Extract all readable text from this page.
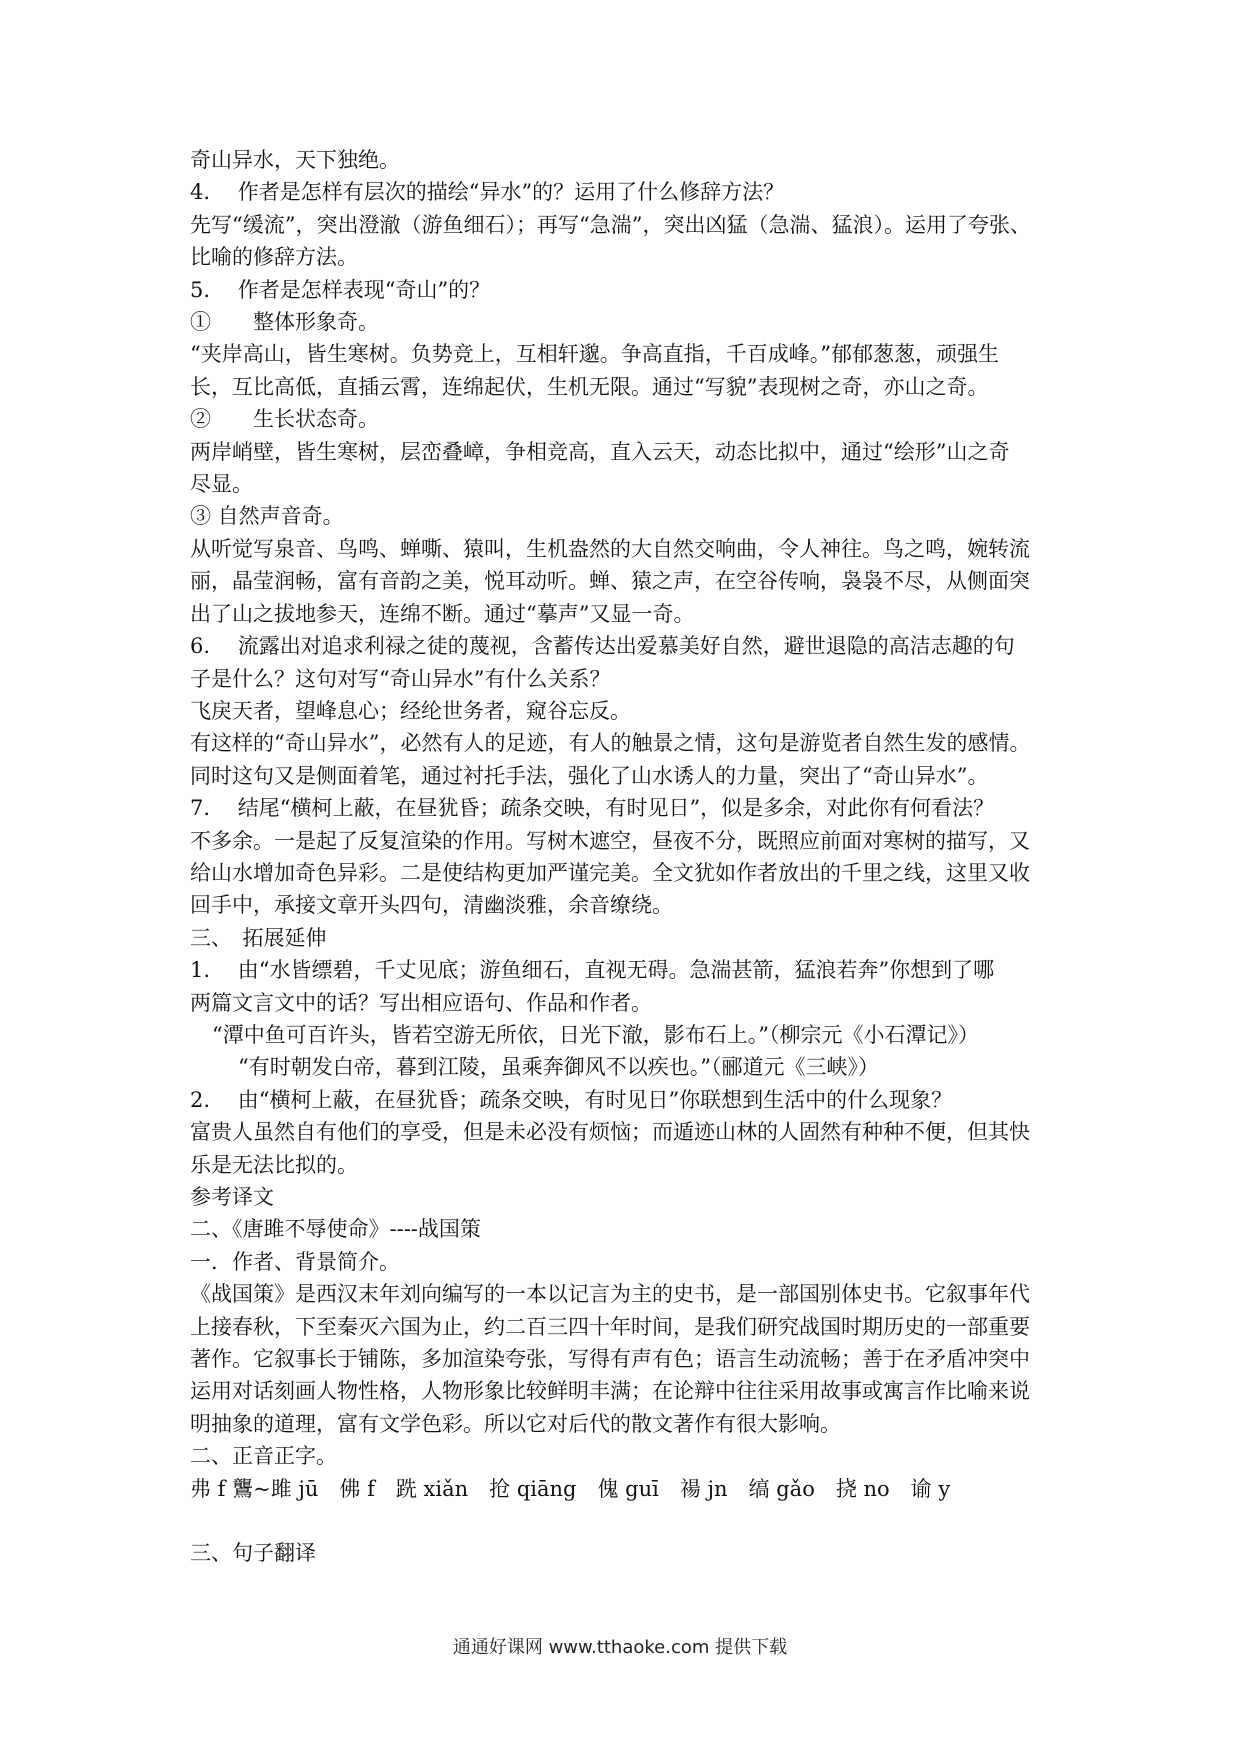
奇山异水，天下独绝。

4.　 作者是怎样有层次的描绘“异水”的？运用了什么修辞方法？

先写“缓流”，突出澄澈（游鱼细石）；再写“急湍”，突出凶猛（急湍、猛浪）。运用了夸张、

比喻的修辞方法。

5.　 作者是怎样表现“奇山”的？

①　　整体形象奇。

“夹岸高山，皆生寒树。负势竞上，互相轩邈。争高直指，千百成峰。”郁郁葱葱，顽强生

长，互比高低，直插云霄，连绵起伏，生机无限。通过“写貌”表现树之奇，亦山之奇。

②　　生长状态奇。

两岸峭壁，皆生寒树，层峦叠嶂，争相竞高，直入云天，动态比拟中，通过“绘形”山之奇

尽显。

③ 自然声音奇。

从听觉写泉音、鸟鸣、蝉嘶、猿叫，生机盎然的大自然交响曲，令人神往。鸟之鸣，婉转流

丽，晶莹润畅，富有音韵之美，悦耳动听。蝉、猿之声，在空谷传响，袅袅不尽，从侧面突

出了山之拔地参天，连绵不断。通过“摹声”又显一奇。

6.　 流露出对追求利禄之徒的蔑视，含蓄传达出爱慕美好自然，避世退隐的高洁志趣的句

子是什么？这句对写“奇山异水”有什么关系？

飞戾天者，望峰息心；经纶世务者，窥谷忘反。

有这样的“奇山异水”，必然有人的足迹，有人的触景之情，这句是游览者自然生发的感情。

同时这句又是侧面着笔，通过衬托手法，强化了山水诱人的力量，突出了“奇山异水”。

7.　 结尾“横柯上蔽，在昼犹昏；疏条交映，有时见日”，似是多余，对此你有何看法？

不多余。一是起了反复渲染的作用。写树木遮空，昼夜不分，既照应前面对寒树的描写，又

给山水增加奇色异彩。二是使结构更加严谨完美。全文犹如作者放出的千里之线，这里又收

回手中，承接文章开头四句，清幽淡雅，余音缭绕。

三、　拓展延伸

1.　 由“水皆缥碧，千丈见底；游鱼细石，直视无碍。急湍甚箭，猛浪若奔”你想到了哪

两篇文言文中的话？写出相应语句、作品和作者。

“潭中鱼可百许头，皆若空游无所依，日光下澈，影布石上。”（柳宗元《小石潭记》）

“有时朝发白帝，暮到江陵，虽乘奔御风不以疾也。”（郦道元《三峡》）

2.　 由“横柯上蔽，在昼犹昏；疏条交映，有时见日”你联想到生活中的什么现象？

富贵人虽然自有他们的享受，但是未必没有烦恼；而遁迹山林的人固然有种种不便，但其快

乐是无法比拟的。

参考译文

二、《唐雎不辱使命》----战国策

一．作者、背景简介。

《战国策》是西汉末年刘向编写的一本以记言为主的史书，是一部国别体史书。它叙事年代

上接春秋，下至秦灭六国为止，约二百三四十年时间，是我们研究战国时期历史的一部重要

著作。它叙事长于铺陈，多加渲染夸张，写得有声有色；语言生动流畅；善于在矛盾冲突中

运用对话刻画人物性格，人物形象比较鲜明丰满；在论辩中往往采用故事或寓言作比喻来说

明抽象的道理，富有文学色彩。所以它对后代的散文著作有很大影响。

二、正音正字。

弗 f 鸗~雎 jū　佛 f　跣 xiǎn　抢 qiāng　傀 guī　禓 jn　缟 gǎo　挠 no　谕 y

三、句子翻译

通通好课网 www.tthaoke.com 提供下载
